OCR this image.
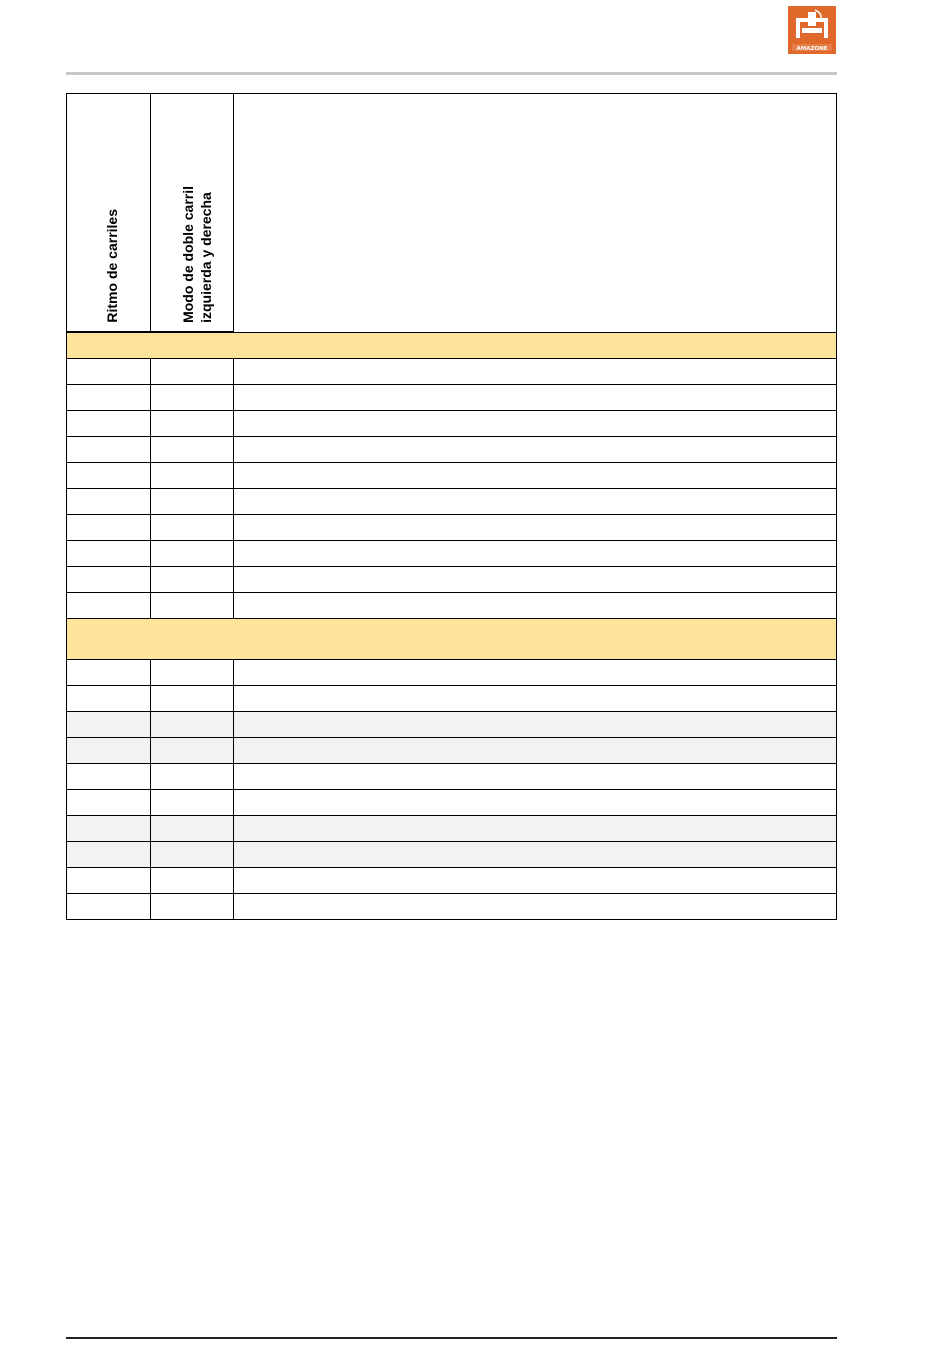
AMAZONE
Ritmo de carriles	Modo de doble carril izquierda y derecha	
